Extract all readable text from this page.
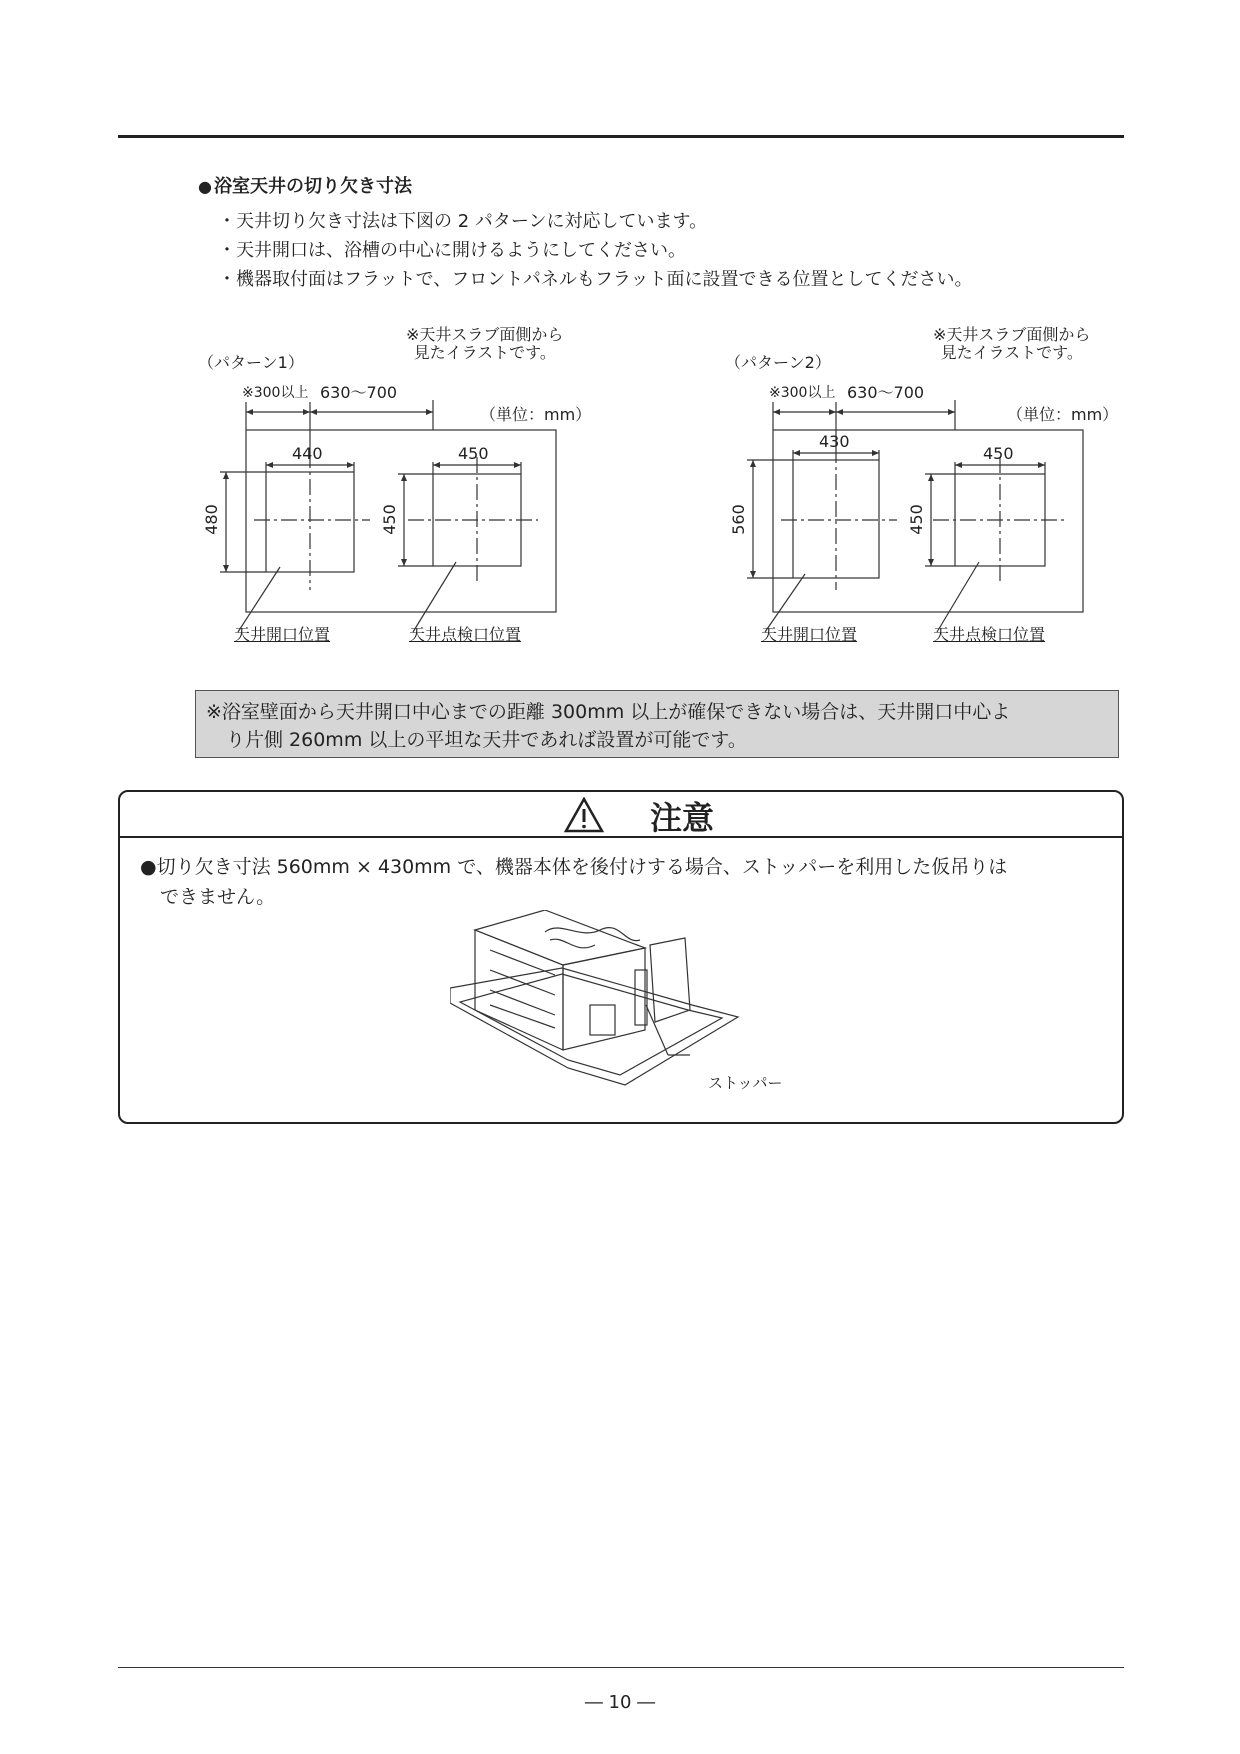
● 浴室天井の切り欠き寸法
・天井切り欠き寸法は下図の 2 パターンに対応しています。
・天井開口は、浴槽の中心に開けるようにしてください。
・機器取付面はフラットで、フロントパネルもフラット面に設置できる位置としてください。
（パターン1）
※天井スラブ面側から
見たイラストです。
※300以上 630～700
（単位：mm）
440	450
480	450
天井開口位置	天井点検口位置
（パターン2）
※天井スラブ面側から
見たイラストです。
※300以上 630～700
（単位：mm）
430
450
560	450
天井開口位置	天井点検口位置
※浴室壁面から天井開口中心までの距離 300mm 以上が確保できない場合は、天井開口中心よ
り片側 260mm 以上の平坦な天井であれば設置が可能です。
注意
●切り欠き寸法 560mm × 430mm で、機器本体を後付けする場合、ストッパーを利用した仮吊りは
できません。
ストッパー
― 10 ―
